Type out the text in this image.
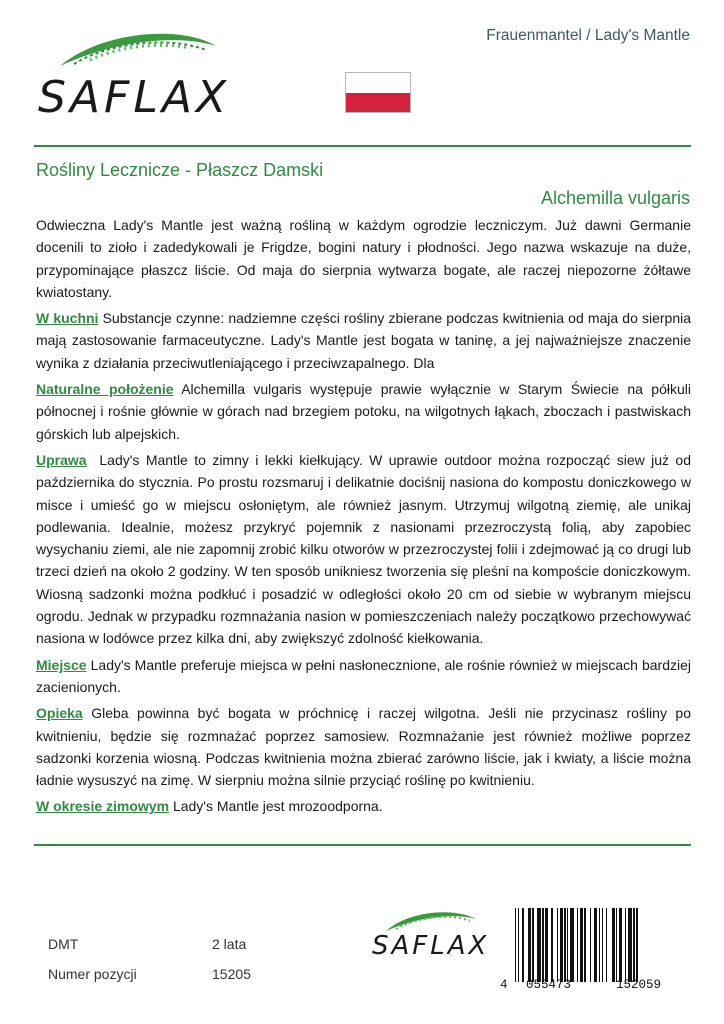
SAFLAX
Frauenmantel / Lady's Mantle
Rośliny Lecznicze - Płaszcz Damski
Alchemilla vulgaris

Odwieczna Lady's Mantle jest ważną rośliną w każdym ogrodzie leczniczym. Już dawni Germanie docenili to zioło i zadedykowali je Frigdze, bogini natury i płodności. Jego nazwa wskazuje na duże, przypominające płaszcz liście. Od maja do sierpnia wytwarza bogate, ale raczej niepozorne żółtawe kwiatostany.

W kuchni Substancje czynne: nadziemne części rośliny zbierane podczas kwitnienia od maja do sierpnia mają zastosowanie farmaceutyczne. Lady's Mantle jest bogata w taninę, a jej najważniejsze znaczenie wynika z działania przeciwutleniającego i przeciwzapalnego. Dla

Naturalne położenie Alchemilla vulgaris występuje prawie wyłącznie w Starym Świecie na półkuli północnej i rośnie głównie w górach nad brzegiem potoku, na wilgotnych łąkach, zboczach i pastwiskach górskich lub alpejskich.

Uprawa Lady's Mantle to zimny i lekki kiełkujący. W uprawie outdoor można rozpocząć siew już od października do stycznia. Po prostu rozsmaruj i delikatnie dociśnij nasiona do kompostu doniczkowego w misce i umieść go w miejscu osłoniętym, ale również jasnym. Utrzymuj wilgotną ziemię, ale unikaj podlewania. Idealnie, możesz przykryć pojemnik z nasionami przezroczystą folią, aby zapobiec wysychaniu ziemi, ale nie zapomnij zrobić kilku otworów w przezroczystej folii i zdejmować ją co drugi lub trzeci dzień na około 2 godziny. W ten sposób unikniesz tworzenia się pleśni na kompoście doniczkowym. Wiosną sadzonki można podkłuć i posadzić w odległości około 20 cm od siebie w wybranym miejscu ogrodu. Jednak w przypadku rozmnażania nasion w pomieszczeniach należy początkowo przechowywać nasiona w lodówce przez kilka dni, aby zwiększyć zdolność kiełkowania.

Miejsce Lady's Mantle preferuje miejsca w pełni nasłonecznione, ale rośnie również w miejscach bardziej zacienionych.

Opieka Gleba powinna być bogata w próchnicę i raczej wilgotna. Jeśli nie przycinasz rośliny po kwitnieniu, będzie się rozmnażać poprzez samosiew. Rozmnażanie jest również możliwe poprzez sadzonki korzenia wiosną. Podczas kwitnienia można zbierać zarówno liście, jak i kwiaty, a liście można ładnie wysuszyć na zimę. W sierpniu można silnie przyciąć roślinę po kwitnieniu.

W okresie zimowym Lady's Mantle jest mrozoodporna.

DMT	2 lata
Numer pozycji	15205
SAFLAX
4 055473	152059
